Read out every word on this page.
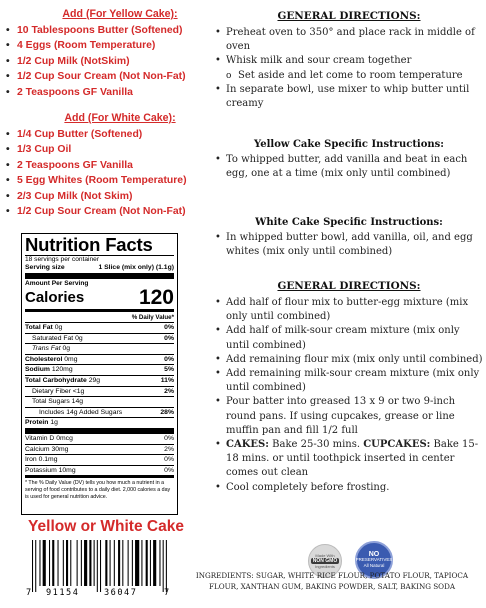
Add (For Yellow Cake):
• 10 Tablespoons Butter (Softened)
• 4 Eggs (Room Temperature)
• 1/2 Cup Milk (NotSkim)
• 1/2 Cup Sour Cream (Not Non-Fat)
• 2 Teaspoons GF Vanilla
Add (For White Cake):
• 1/4 Cup Butter (Softened)
• 1/3 Cup Oil
• 2 Teaspoons GF Vanilla
• 5 Egg Whites (Room Temperature)
• 2/3 Cup Milk (Not Skim)
• 1/2 Cup Sour Cream (Not Non-Fat)
Nutrition Facts
18 servings per container
Serving size	1 Slice (mix only) (1.1g)
Amount Per Serving
Calories	120
% Daily Value*
Total Fat 0g	0%
Saturated Fat 0g	0%
Trans Fat 0g
Cholesterol 0mg	0%
Sodium 120mg	5%
Total Carbohydrate 29g	11%
Dietary Fiber <1g	2%
Total Sugars 14g
Includes 14g Added Sugars	28%
Protein 1g
Vitamin D 0mcg	0%
Calcium 30mg	2%
Iron 0.1mg	0%
Potassium 10mg	0%
* The % Daily Value (DV) tells you how much a nutrient in a serving of food contributes to a daily diet. 2,000 calories a day is used for general nutrition advice.
Yellow or White Cake
7 91154	36047	7
Made With
NON GMO
Ingredients
NO
PRESERVATIVES
All Natural
INGREDIENTS: SUGAR, WHITE RICE FLOUR, POTATO FLOUR, TAPIOCA FLOUR, XANTHAN GUM, BAKING POWDER, SALT, BAKING SODA
GENERAL DIRECTIONS:
• Preheat oven to 350° and place rack in middle of oven
• Whisk milk and sour cream together
o Set aside and let come to room temperature
• In separate bowl, use mixer to whip butter until creamy
Yellow Cake Specific Instructions:
• To whipped butter, add vanilla and beat in each egg, one at a time (mix only until combined)
White Cake Specific Instructions:
• In whipped butter bowl, add vanilla, oil, and egg whites (mix only until combined)
GENERAL DIRECTIONS:
• Add half of flour mix to butter-egg mixture (mix only until combined)
• Add half of milk-sour cream mixture (mix only until combined)
• Add remaining flour mix (mix only until combined)
• Add remaining milk-sour cream mixture (mix only until combined)
• Pour batter into greased 13 x 9 or two 9-inch round pans. If using cupcakes, grease or line muffin pan and fill 1/2 full
• CAKES: Bake 25-30 mins. CUPCAKES: Bake 15-18 mins. or until toothpick inserted in center comes out clean
• Cool completely before frosting.
